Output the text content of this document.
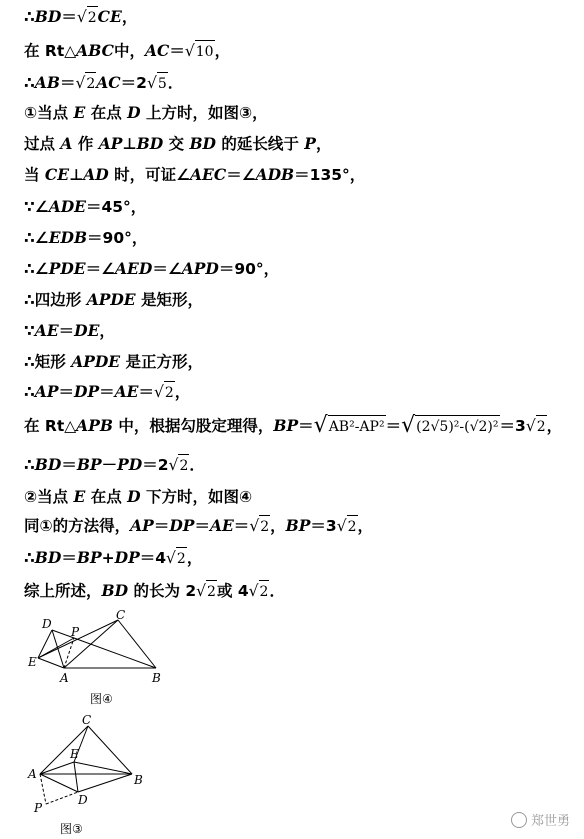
∴BD＝ √ 2 CE，
在 Rt△ABC中，AC＝ √ 10 ，
∴AB＝ √ 2 AC＝2 √ 5 ．
①当点 E 在点 D 上方时，如图③，
过点 A 作 AP⊥BD 交 BD 的延长线于 P，
当 CE⊥AD 时，可证∠AEC＝∠ADB＝135°，
∵∠ADE＝45°，
∴∠EDB＝90°，
∴∠PDE＝∠AED＝∠APD＝90°，
∴四边形 APDE 是矩形，
∵AE＝DE，
∴矩形 APDE 是正方形，
∴AP＝DP＝AE＝ √ 2 ，
在 Rt△APB 中，根据勾股定理得，BP＝ √ AB²-AP² ＝ √ (2√5)²-(√2)² ＝3 √ 2 ，
∴BD＝BP－PD＝2 √ 2 ．
②当点 E 在点 D 下方时，如图④
同①的方法得，AP＝DP＝AE＝ √ 2 ，BP＝3 √ 2 ，
∴BD＝BP+DP＝4 √ 2 ，
综上所述，BD 的长为 2 √ 2 或 4 √ 2 ．
D
P
C
E
A	B
图④
C
E
A	B
P
D
图③	郑世勇
